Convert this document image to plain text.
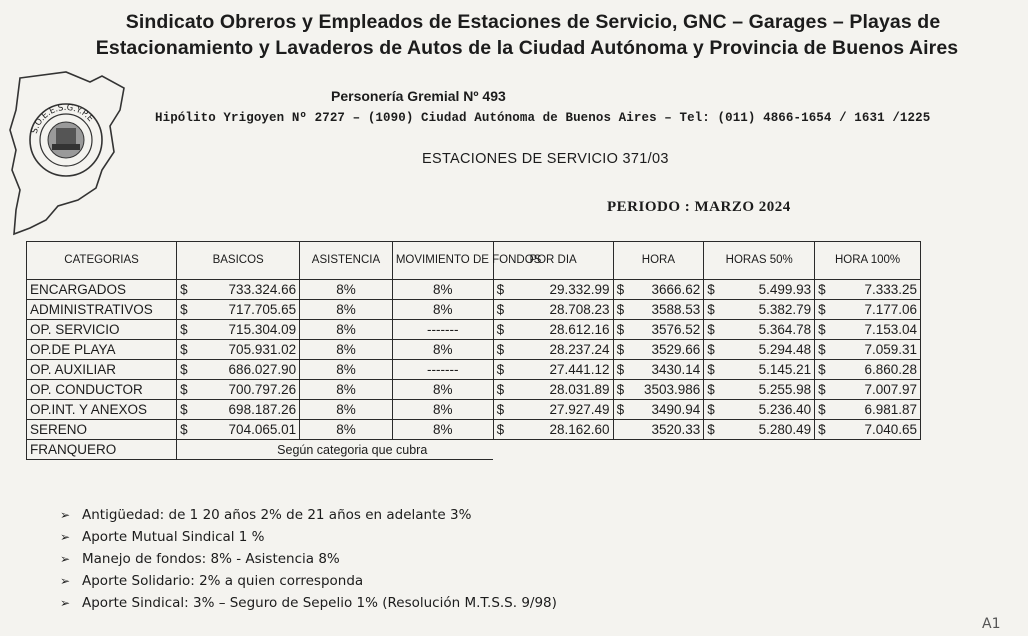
S.O.E.E.S.G.Y.P.E
Sindicato Obreros y Empleados de Estaciones de Servicio, GNC – Garages – Playas de
Estacionamiento y Lavaderos de Autos de la Ciudad Autónoma y Provincia de Buenos Aires
Personería Gremial Nº 493
Hipólito Yrigoyen Nº 2727 – (1090) Ciudad Autónoma de Buenos Aires – Tel: (011) 4866-1654 / 1631 /1225
ESTACIONES DE SERVICIO 371/03
PERIODO : MARZO 2024
CATEGORIAS	BASICOS	ASISTENCIA	MOVIMIENTO DE FONDOS	POR DIA	HORA	HORAS 50%	HORA 100%
ENCARGADOS	$ 733.324.66	8%	8%	$ 29.332.99	$ 3666.62	$ 5.499.93	$ 7.333.25

ADMINISTRATIVOS	$ 717.705.65	8%	8%	$ 28.708.23	$ 3588.53	$ 5.382.79	$ 7.177.06

OP. SERVICIO	$ 715.304.09	8%	-------	$ 28.612.16	$ 3576.52	$ 5.364.78	$ 7.153.04

OP.DE PLAYA	$ 705.931.02	8%	8%	$ 28.237.24	$ 3529.66	$ 5.294.48	$ 7.059.31

OP. AUXILIAR	$ 686.027.90	8%	-------	$ 27.441.12	$ 3430.14	$ 5.145.21	$ 6.860.28

OP. CONDUCTOR	$ 700.797.26	8%	8%	$ 28.031.89	$ 3503.986	$ 5.255.98	$ 7.007.97

OP.INT. Y ANEXOS	$ 698.187.26	8%	8%	$ 27.927.49	$ 3490.94	$ 5.236.40	$ 6.981.87

SERENO	$ 704.065.01	8%	8%	$ 28.162.60	3520.33	$ 5.280.49	$ 7.040.65

FRANQUERO	Según categoria que cubra						
➢ Antigüedad: de 1 20 años 2% de 21 años en adelante 3%
➢ Aporte Mutual Sindical 1 %
➢ Manejo de fondos: 8% - Asistencia 8%
➢ Aporte Solidario: 2% a quien corresponda
➢ Aporte Sindical: 3% – Seguro de Sepelio 1% (Resolución M.T.S.S. 9/98)
A1
